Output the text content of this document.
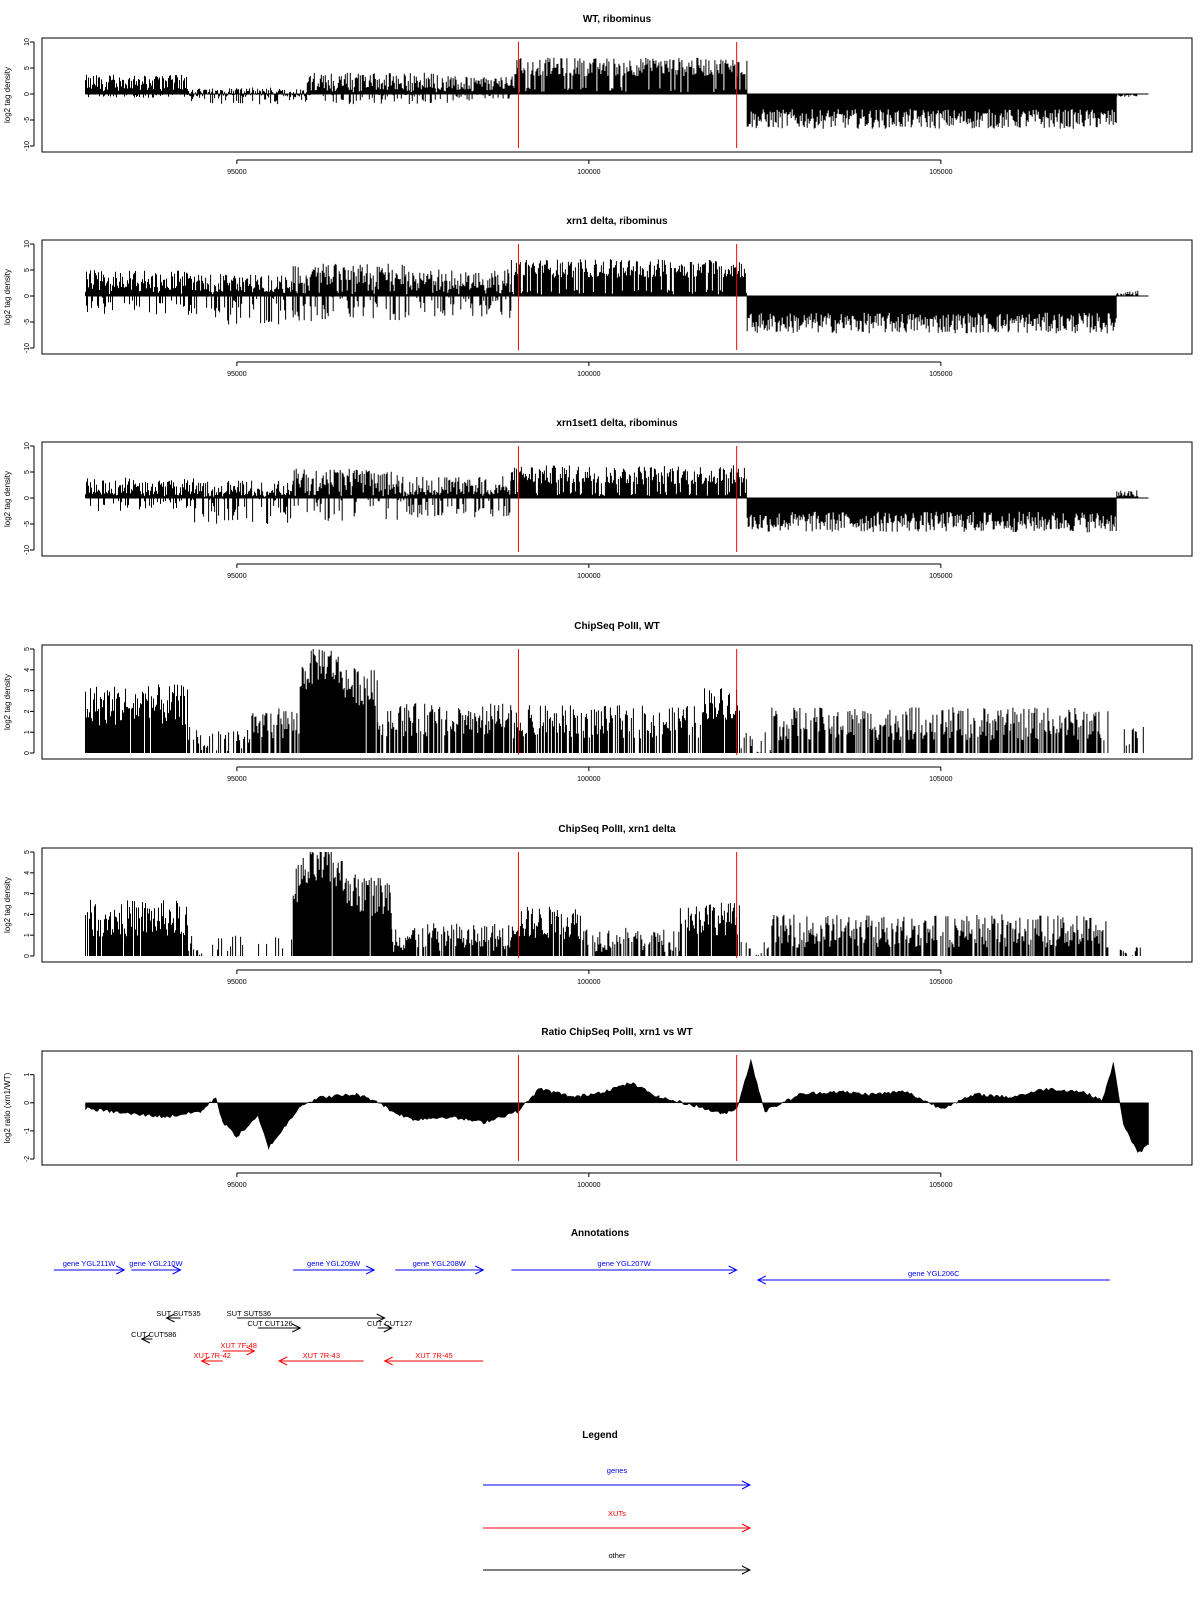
WT, ribominus
-10
-5
0
5
10
log2 tag density
95000	100000	105000
xrn1 delta, ribominus
-10
-5
0
5
10
log2 tag density
95000	100000	105000
xrn1set1 delta, ribominus
-10
-5
0
5
10
log2 tag density
95000	100000	105000
ChipSeq PolII, WT
0
1
2
3
4
5
log2 tag density
95000	100000	105000
ChipSeq PolII, xrn1 delta
0
1
2
3
4
5
log2 tag density
95000	100000	105000
Ratio ChipSeq PolII, xrn1 vs WT
-2
-1
0
1
log2 ratio (xrn1/WT)
95000	100000	105000
Annotations
gene YGL211W gene YGL210W	gene YGL209W	gene YGL208W	gene YGL207W
gene YGL206C
SUT SUT535	SUT SUT536
CUT CUT126	CUT CUT127
CUT CUT586
XUT 7F-48
XUT 7R-42	XUT 7R-43	XUT 7R-45
Legend
genes
XUTs
other
